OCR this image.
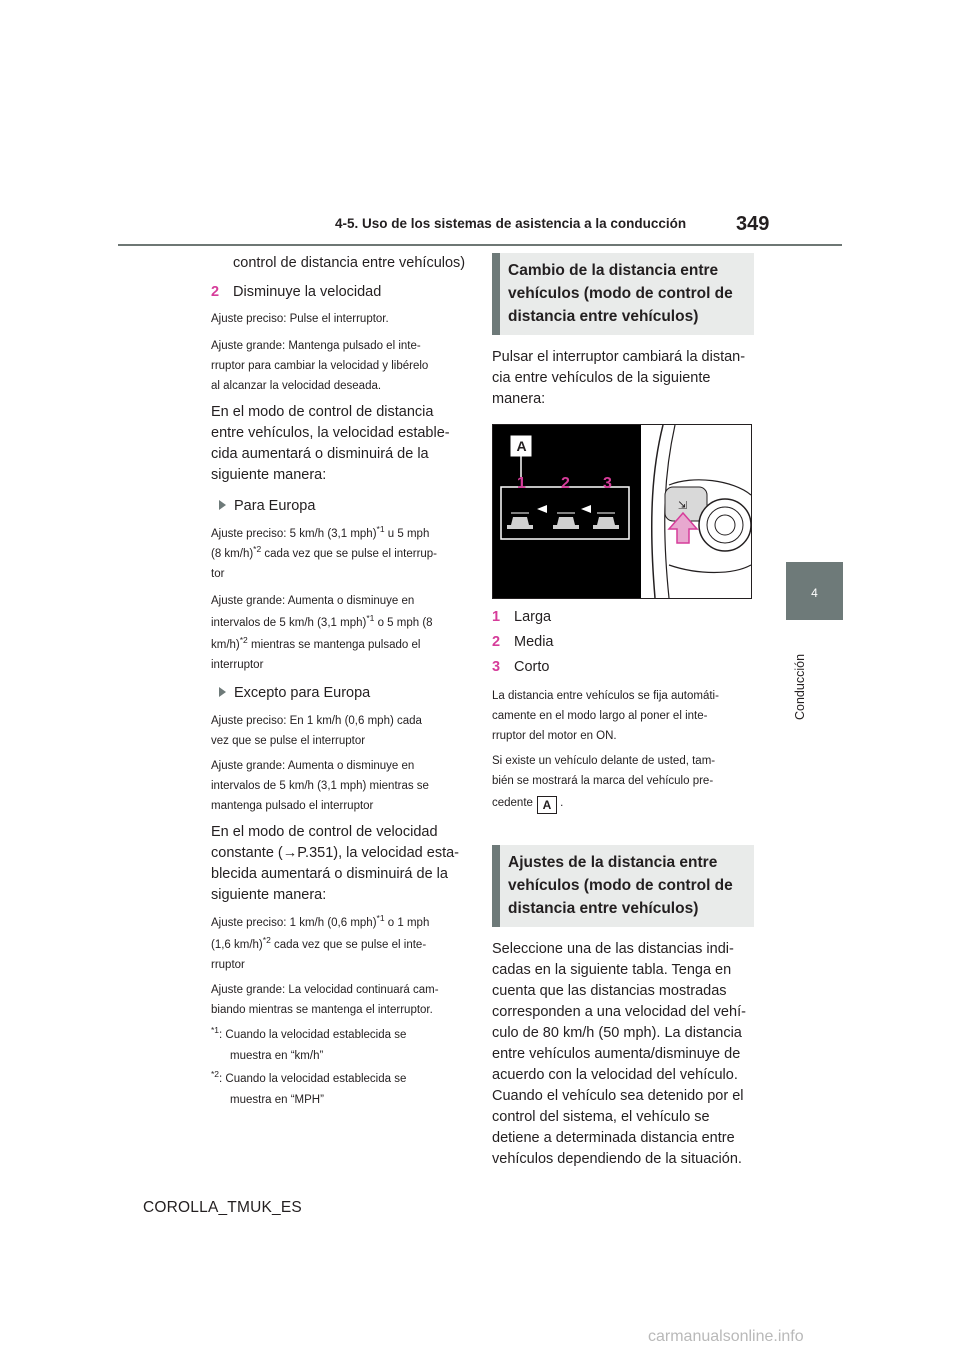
4-5. Uso de los sistemas de asistencia a la conducción 349
4
Conducción
control de distancia entre vehículos)
2 Disminuye la velocidad
Ajuste preciso: Pulse el interruptor.
Ajuste grande: Mantenga pulsado el inte-
rruptor para cambiar la velocidad y libérelo
al alcanzar la velocidad deseada.
En el modo de control de distancia
entre vehículos, la velocidad estable-
cida aumentará o disminuirá de la
siguiente manera:
Para Europa
Ajuste preciso: 5 km/h (3,1 mph)$^{*1}$ u 5 mph
(8 km/h)$^{*2}$ cada vez que se pulse el interrup-
tor
Ajuste grande: Aumenta o disminuye en
intervalos de 5 km/h (3,1 mph)$^{*1}$ o 5 mph (8
km/h)$^{*2}$ mientras se mantenga pulsado el
interruptor
Excepto para Europa
Ajuste preciso: En 1 km/h (0,6 mph) cada
vez que se pulse el interruptor
Ajuste grande: Aumenta o disminuye en
intervalos de 5 km/h (3,1 mph) mientras se
mantenga pulsado el interruptor
En el modo de control de velocidad
constante (→P.351), la velocidad esta-
blecida aumentará o disminuirá de la
siguiente manera:
Ajuste preciso: 1 km/h (0,6 mph)$^{*1}$ o 1 mph
(1,6 km/h)$^{*2}$ cada vez que se pulse el inte-
rruptor
Ajuste grande: La velocidad continuará cam-
biando mientras se mantenga el interruptor.
$^{*1}$: Cuando la velocidad establecida se
muestra en “km/h”
$^{*2}$: Cuando la velocidad establecida se
muestra en “MPH”
Cambio de la distancia entre
vehículos (modo de control de
distancia entre vehículos)
Pulsar el interruptor cambiará la distan-
cia entre vehículos de la siguiente
manera:
⇲
A
1 2 3
1 Larga
2 Media
3 Corto
La distancia entre vehículos se fija automáti-
camente en el modo largo al poner el inte-
rruptor del motor en ON.
Si existe un vehículo delante de usted, tam-
bién se mostrará la marca del vehículo pre-
cedente A .
Ajustes de la distancia entre
vehículos (modo de control de
distancia entre vehículos)
Seleccione una de las distancias indi-
cadas en la siguiente tabla. Tenga en
cuenta que las distancias mostradas
corresponden a una velocidad del vehí-
culo de 80 km/h (50 mph). La distancia
entre vehículos aumenta/disminuye de
acuerdo con la velocidad del vehículo.
Cuando el vehículo sea detenido por el
control del sistema, el vehículo se
detiene a determinada distancia entre
vehículos dependiendo de la situación.
COROLLA_TMUK_ES
carmanualsonline.info
